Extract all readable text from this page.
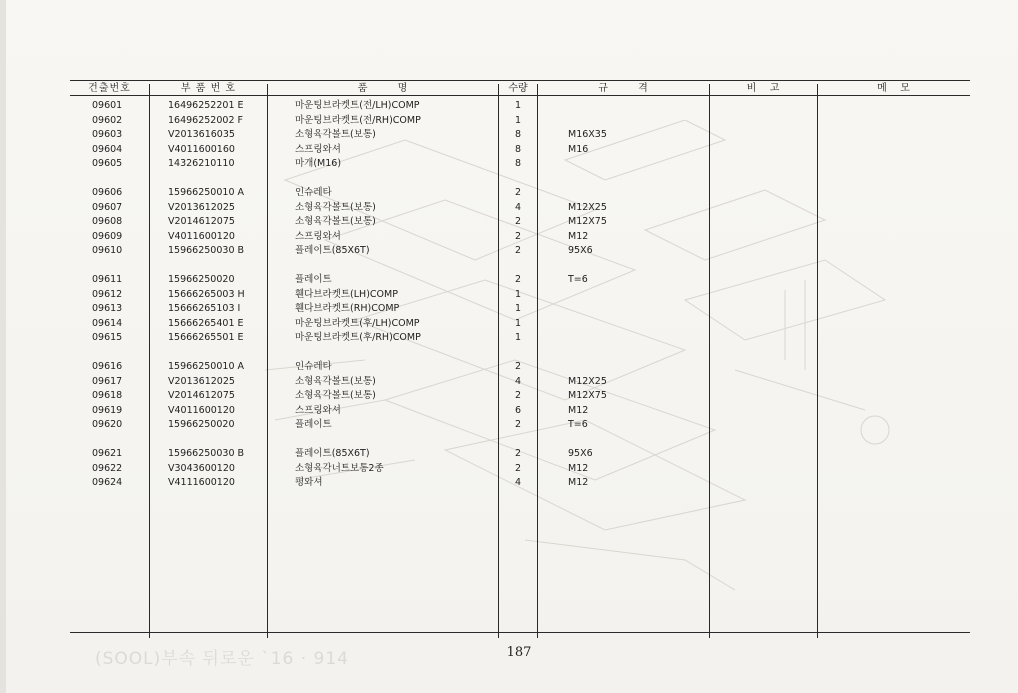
건출번호	부 품 번 호	품       명	수량	규       격	비   고	메   모
09601	16496252201 E	마운팅브라켓트(전/LH)COMP	1
09602	16496252002 F	마운팅브라켓트(전/RH)COMP	1
09603	V2013616035	소형육각볼트(보통)	8	M16X35
09604	V4011600160	스프링와셔	8	M16
09605	14326210110	마개(M16)	8
09606	15966250010 A	인슈레타	2
09607	V2013612025	소형육각볼트(보통)	4	M12X25
09608	V2014612075	소형육각볼트(보통)	2	M12X75
09609	V4011600120	스프링와셔	2	M12
09610	15966250030 B	플레이트(85X6T)	2	95X6
09611	15966250020	플레이트	2	T=6
09612	15666265003 H	휀다브라켓트(LH)COMP	1
09613	15666265103 I	휀다브라켓트(RH)COMP	1
09614	15666265401 E	마운팅브라켓트(후/LH)COMP	1
09615	15666265501 E	마운팅브라켓트(후/RH)COMP	1
09616	15966250010 A	인슈레타	2
09617	V2013612025	소형육각볼트(보통)	4	M12X25
09618	V2014612075	소형육각볼트(보통)	2	M12X75
09619	V4011600120	스프링와셔	6	M12
09620	15966250020	플레이트	2	T=6
09621	15966250030 B	플레이트(85X6T)	2	95X6
09622	V3043600120	소형육각너트보통2종	2	M12
09624	V4111600120	평와셔	4	M12
(SOOL)부속 뒤로운 `16 · 914	187
